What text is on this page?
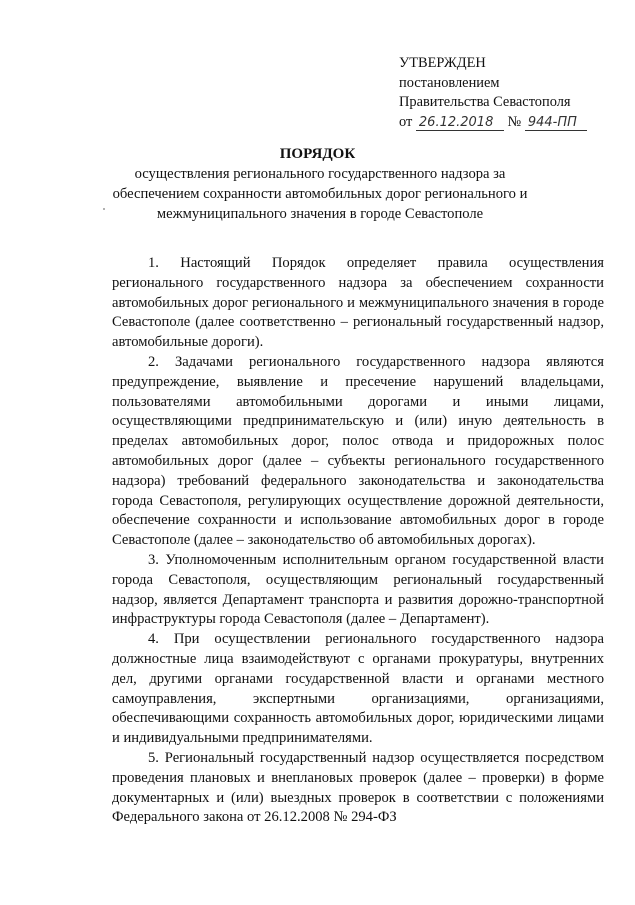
УТВЕРЖДЕН
постановлением
Правительства Севастополя
от 26.12.2018 № 944-ПП
ПОРЯДОК
осуществления регионального государственного надзора за обеспечением сохранности автомобильных дорог регионального и межмуниципального значения в городе Севастополе

1. Настоящий Порядок определяет правила осуществления регионального государственного надзора за обеспечением сохранности автомобильных дорог регионального и межмуниципального значения в городе Севастополе (далее соответственно – региональный государственный надзор, автомобильные дороги).

2. Задачами регионального государственного надзора являются предупреждение, выявление и пресечение нарушений владельцами, пользователями автомобильными дорогами и иными лицами, осуществляющими предпринимательскую и (или) иную деятельность в пределах автомобильных дорог, полос отвода и придорожных полос автомобильных дорог (далее – субъекты регионального государственного надзора) требований федерального законодательства и законодательства города Севастополя, регулирующих осуществление дорожной деятельности, обеспечение сохранности и использование автомобильных дорог в городе Севастополе (далее – законодательство об автомобильных дорогах).

3. Уполномоченным исполнительным органом государственной власти города Севастополя, осуществляющим региональный государственный надзор, является Департамент транспорта и развития дорожно-транспортной инфраструктуры города Севастополя (далее – Департамент).

4. При осуществлении регионального государственного надзора должностные лица взаимодействуют с органами прокуратуры, внутренних дел, другими органами государственной власти и органами местного самоуправления, экспертными организациями, организациями, обеспечивающими сохранность автомобильных дорог, юридическими лицами и индивидуальными предпринимателями.

5. Региональный государственный надзор осуществляется посредством проведения плановых и внеплановых проверок (далее – проверки) в форме документарных и (или) выездных проверок в соответствии с положениями Федерального закона от 26.12.2008 № 294-ФЗ
